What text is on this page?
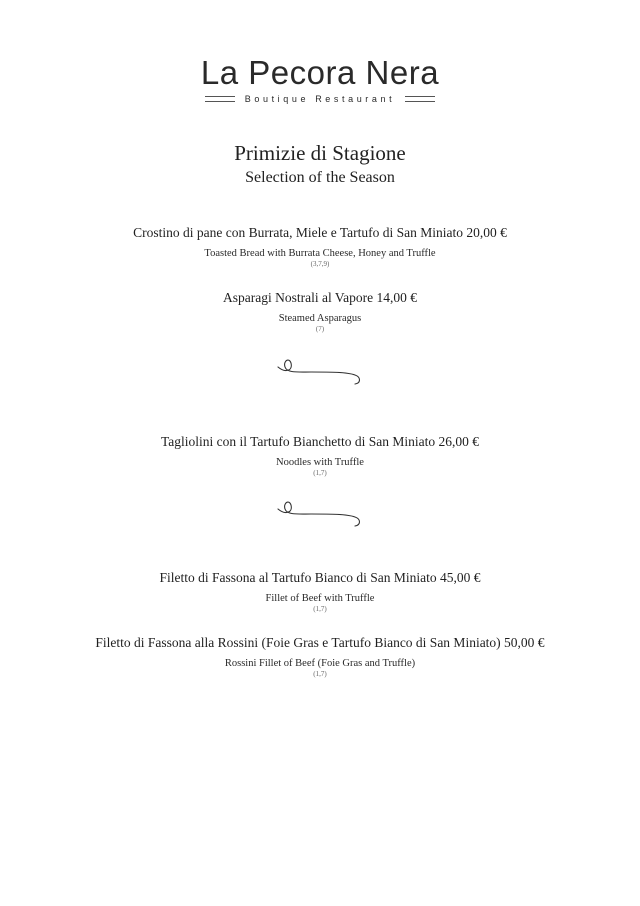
La Pecora Nera
Boutique Restaurant
Primizie di Stagione
Selection of the Season
Crostino di pane con Burrata, Miele e Tartufo di San Miniato 20,00 €
Toasted Bread with Burrata Cheese, Honey and Truffle
(3,7,9)
Asparagi Nostrali al Vapore 14,00 €
Steamed Asparagus
(7)
Tagliolini con il Tartufo Bianchetto di San Miniato 26,00 €
Noodles with Truffle
(1,7)
Filetto di Fassona al Tartufo Bianco di San Miniato 45,00 €
Fillet of Beef with Truffle
(1,7)
Filetto di Fassona alla Rossini (Foie Gras e Tartufo Bianco di San Miniato) 50,00 €
Rossini Fillet of Beef (Foie Gras and Truffle)
(1,7)
